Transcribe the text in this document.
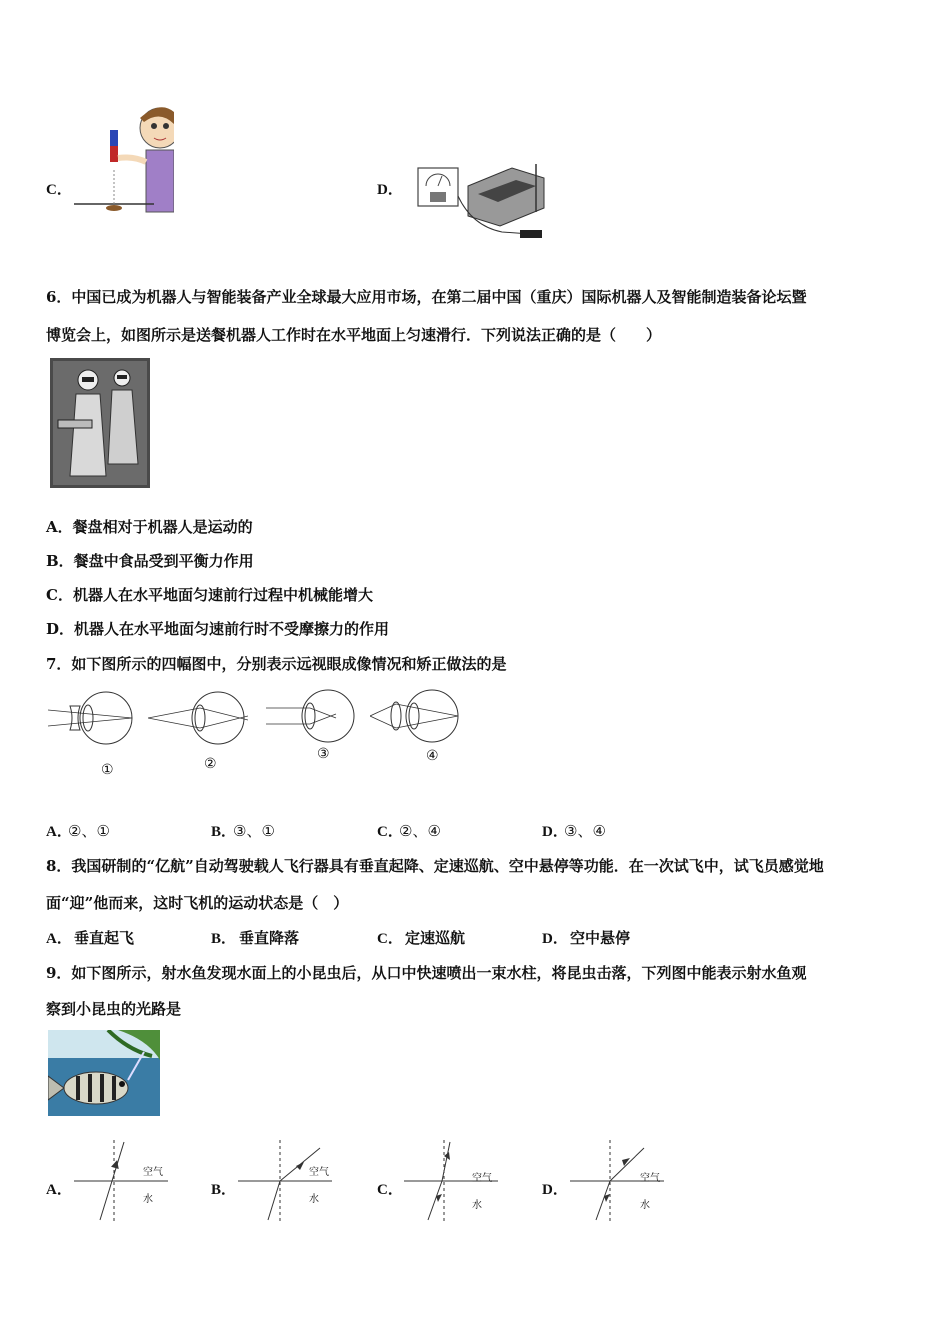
C．	D．
6．中国已成为机器人与智能装备产业全球最大应用市场，在第二届中国（重庆）国际机器人及智能制造装备论坛暨
博览会上，如图所示是送餐机器人工作时在水平地面上匀速滑行．下列说法正确的是（　　）
A．餐盘相对于机器人是运动的
B．餐盘中食品受到平衡力作用
C．机器人在水平地面匀速前行过程中机械能增大
D．机器人在水平地面匀速前行时不受摩擦力的作用
7．如下图所示的四幅图中，分别表示远视眼成像情况和矫正做法的是
①	②
③	④
A．
②、①	B．
③、①	C．
②、④	D．
③、④
8．我国研制的“亿航”自动驾驶载人飞行器具有垂直起降、定速巡航、空中悬停等功能．在一次试飞中，试飞员感觉地
面“迎”他而来，这时飞机的运动状态是（　）
A． 垂直起飞	B． 垂直降落	C． 定速巡航	D． 空中悬停
9．如下图所示，射水鱼发现水面上的小昆虫后，从口中快速喷出一束水柱，将昆虫击落，下列图中能表示射水鱼观
察到小昆虫的光路是
A．
空气
水
B．
空气
水
C．
空气
水
D．
空气
水
